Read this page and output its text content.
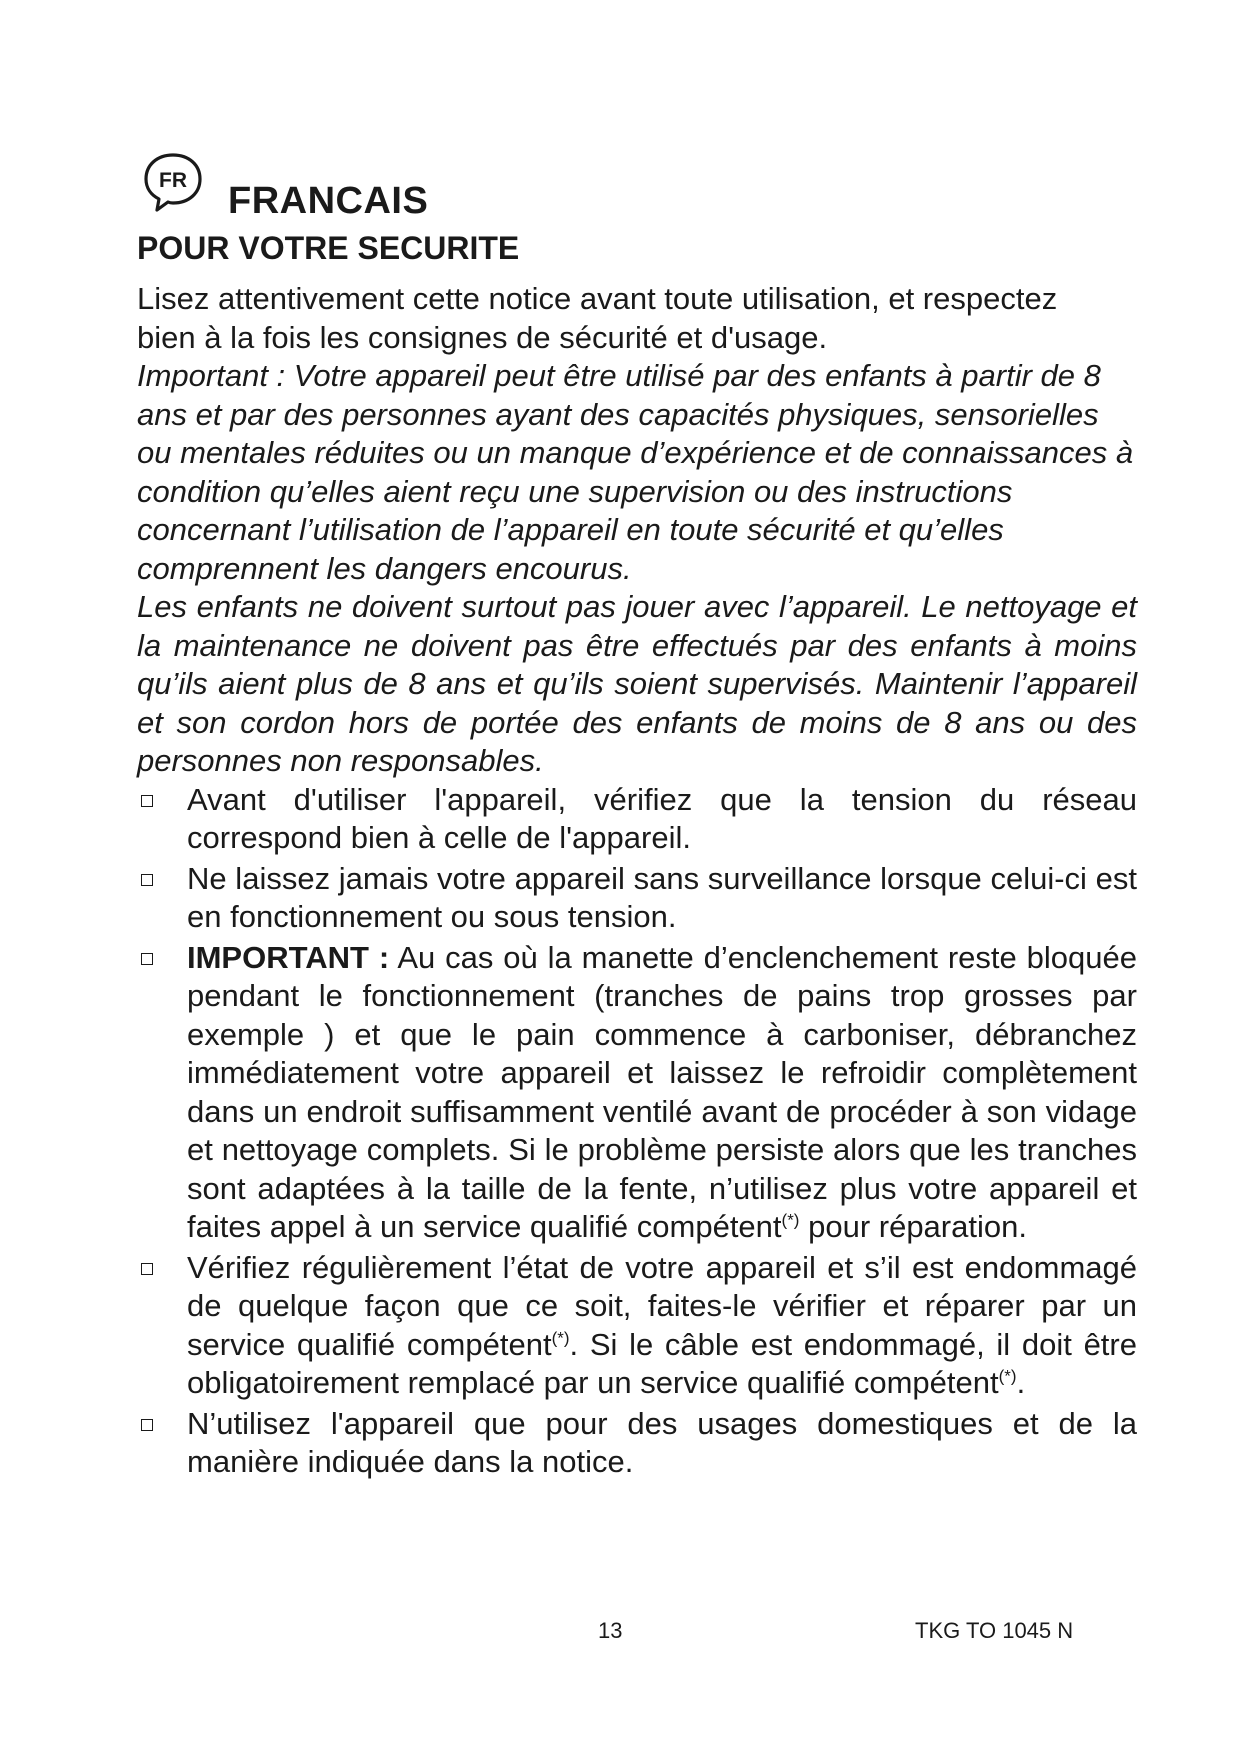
FR FRANCAIS
POUR VOTRE SECURITE

Lisez attentivement cette notice avant toute utilisation, et respectez bien à la fois les consignes de sécurité et d'usage.

Important : Votre appareil peut être utilisé par des enfants à partir de 8 ans et par des personnes ayant des capacités physiques, sensorielles ou mentales réduites ou un manque d’expérience et de connaissances à condition qu’elles aient reçu une supervision ou des instructions concernant l’utilisation de l’appareil en toute sécurité et qu’elles comprennent les dangers encourus.

Les enfants ne doivent surtout pas jouer avec l’appareil. Le nettoyage et la maintenance ne doivent pas être effectués par des enfants à moins qu’ils aient plus de 8 ans et qu’ils soient supervisés. Maintenir l’appareil et son cordon hors de portée des enfants de moins de 8 ans ou des personnes non responsables.

Avant d'utiliser l'appareil, vérifiez que la tension du réseau correspond bien à celle de l'appareil.
Ne laissez jamais votre appareil sans surveillance lorsque celui-ci est en fonctionnement ou sous tension.
IMPORTANT : Au cas où la manette d’enclenchement reste bloquée pendant le fonctionnement (tranches de pains trop grosses par exemple ) et que le pain commence à carboniser, débranchez immédiatement votre appareil et laissez le refroidir complètement dans un endroit suffisamment ventilé avant de procéder à son vidage et nettoyage complets. Si le problème persiste alors que les tranches sont adaptées à la taille de la fente, n’utilisez plus votre appareil et faites appel à un service qualifié compétent(*) pour réparation.
Vérifiez régulièrement l’état de votre appareil et s’il est endommagé de quelque façon que ce soit, faites-le vérifier et réparer par un service qualifié compétent(*). Si le câble est endommagé, il doit être obligatoirement remplacé par un service qualifié compétent(*).
N’utilisez l'appareil que pour des usages domestiques et de la manière indiquée dans la notice.
13	TKG TO 1045 N
